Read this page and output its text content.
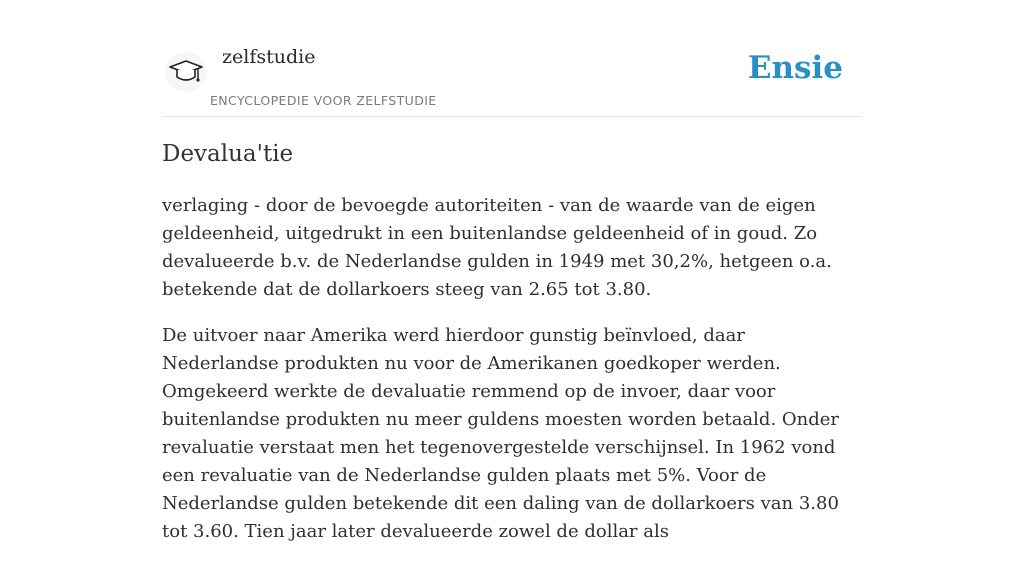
zelfstudie
ENCYCLOPEDIE VOOR ZELFSTUDIE
Ensie
Devalua'tie

verlaging - door de bevoegde autoriteiten - van de waarde van de eigen geldeenheid, uitgedrukt in een buitenlandse geldeenheid of in goud. Zo devalueerde b.v. de Nederlandse gulden in 1949 met 30,2%, hetgeen o.a. betekende dat de dollarkoers steeg van 2.65 tot 3.80.

De uitvoer naar Amerika werd hierdoor gunstig beïnvloed, daar Nederlandse produkten nu voor de Amerikanen goedkoper werden. Omgekeerd werkte de devaluatie remmend op de invoer, daar voor buitenlandse produkten nu meer guldens moesten worden betaald. Onder revaluatie verstaat men het tegenovergestelde verschijnsel. In 1962 vond een revaluatie van de Nederlandse gulden plaats met 5%. Voor de Nederlandse gulden betekende dit een daling van de dollarkoers van 3.80 tot 3.60. Tien jaar later devalueerde zowel de dollar als
